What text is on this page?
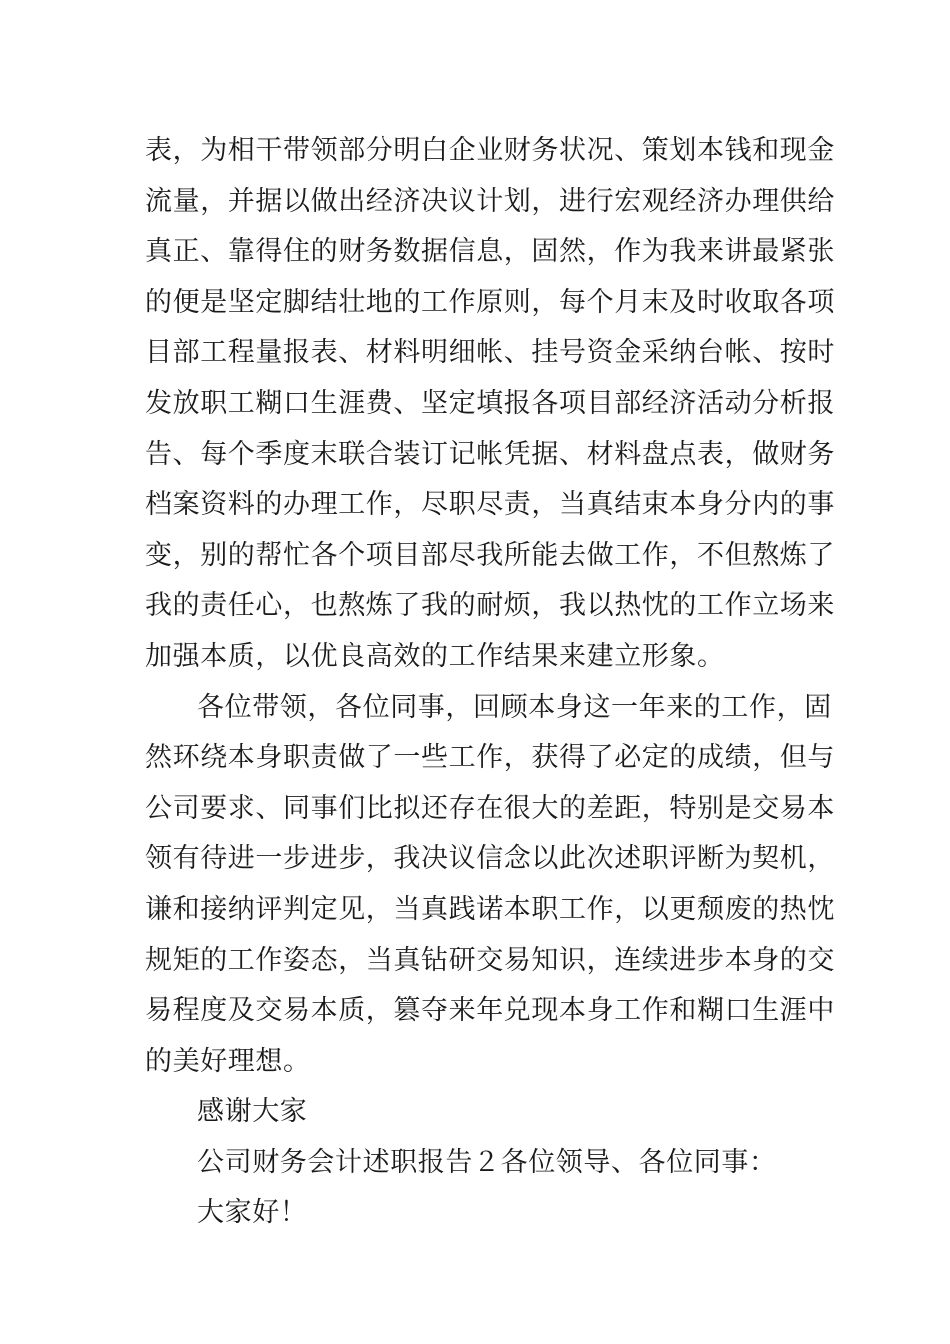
表，为相干带领部分明白企业财务状况、策划本钱和现金
流量，并据以做出经济决议计划，进行宏观经济办理供给
真正、靠得住的财务数据信息，固然，作为我来讲最紧张
的便是坚定脚结壮地的工作原则，每个月末及时收取各项
目部工程量报表、材料明细帐、挂号资金采纳台帐、按时
发放职工糊口生涯费、坚定填报各项目部经济活动分析报
告、每个季度末联合装订记帐凭据、材料盘点表，做财务
档案资料的办理工作，尽职尽责，当真结束本身分内的事
变，别的帮忙各个项目部尽我所能去做工作，不但熬炼了
我的责任心，也熬炼了我的耐烦，我以热忱的工作立场来
加强本质，以优良高效的工作结果来建立形象。
各位带领，各位同事，回顾本身这一年来的工作，固
然环绕本身职责做了一些工作，获得了必定的成绩，但与
公司要求、同事们比拟还存在很大的差距，特别是交易本
领有待进一步进步，我决议信念以此次述职评断为契机，
谦和接纳评判定见，当真践诺本职工作，以更颓废的热忱
规矩的工作姿态，当真钻研交易知识，连续进步本身的交
易程度及交易本质，篡夺来年兑现本身工作和糊口生涯中
的美好理想。
感谢大家
公司财务会计述职报告２各位领导、各位同事：
大家好！
